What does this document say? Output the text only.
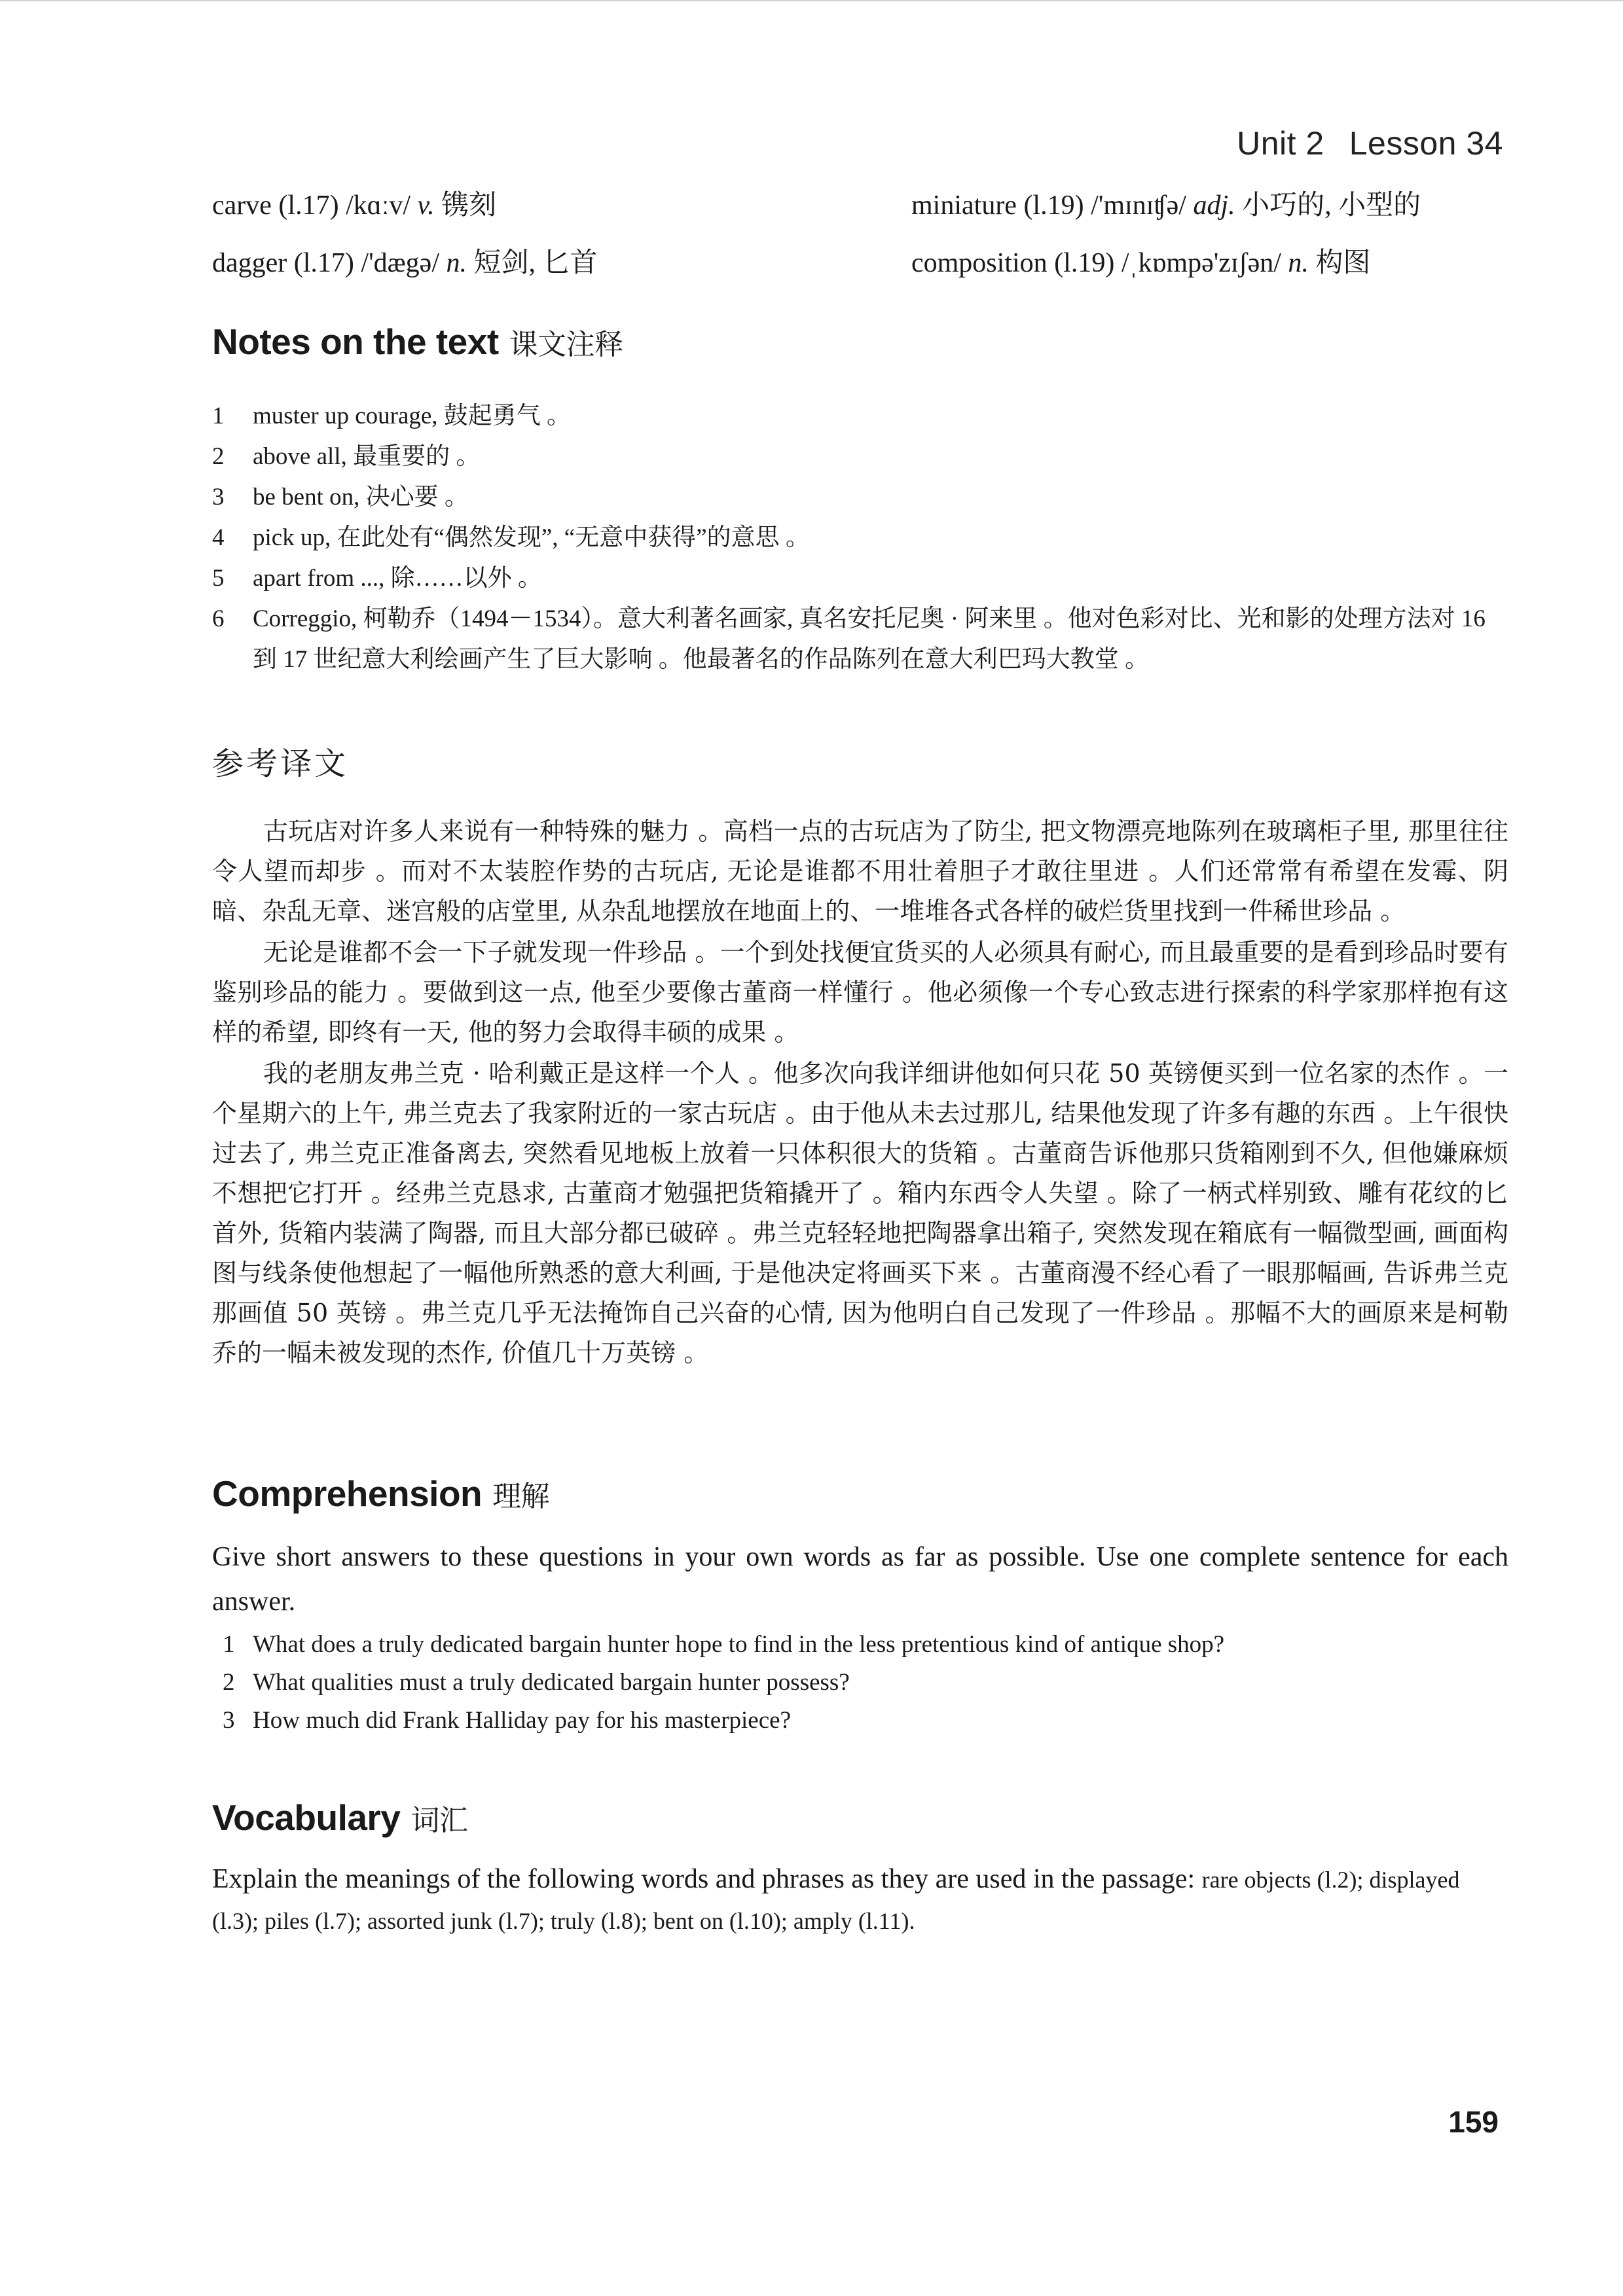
Unit 2 Lesson 34
carve (l.17) /kɑːv/ v. 镌刻
dagger (l.17) /'dægə/ n. 短剑, 匕首
miniature (l.19) /'mɪnɪʧə/ adj. 小巧的, 小型的
composition (l.19) /ˌkɒmpə'zɪʃən/ n. 构图
Notes on the text 课文注释
1	muster up courage, 鼓起勇气 。
2	above all, 最重要的 。
3	be bent on, 决心要 。
4	pick up, 在此处有“偶然发现”, “无意中获得”的意思 。
5	apart from ..., 除……以外 。
6	Correggio, 柯勒乔（1494－1534）。意大利著名画家, 真名安托尼奥 · 阿来里 。他对色彩对比、光和影的处理方法对 16 到 17 世纪意大利绘画产生了巨大影响 。他最著名的作品陈列在意大利巴玛大教堂 。
参考译文

古玩店对许多人来说有一种特殊的魅力 。高档一点的古玩店为了防尘, 把文物漂亮地陈列在玻璃柜子里, 那里往往令人望而却步 。而对不太装腔作势的古玩店, 无论是谁都不用壮着胆子才敢往里进 。人们还常常有希望在发霉、阴暗、杂乱无章、迷宫般的店堂里, 从杂乱地摆放在地面上的、一堆堆各式各样的破烂货里找到一件稀世珍品 。

无论是谁都不会一下子就发现一件珍品 。一个到处找便宜货买的人必须具有耐心, 而且最重要的是看到珍品时要有鉴别珍品的能力 。要做到这一点, 他至少要像古董商一样懂行 。他必须像一个专心致志进行探索的科学家那样抱有这样的希望, 即终有一天, 他的努力会取得丰硕的成果 。

我的老朋友弗兰克 · 哈利戴正是这样一个人 。他多次向我详细讲他如何只花 50 英镑便买到一位名家的杰作 。一个星期六的上午, 弗兰克去了我家附近的一家古玩店 。由于他从未去过那儿, 结果他发现了许多有趣的东西 。上午很快过去了, 弗兰克正准备离去, 突然看见地板上放着一只体积很大的货箱 。古董商告诉他那只货箱刚到不久, 但他嫌麻烦不想把它打开 。经弗兰克恳求, 古董商才勉强把货箱撬开了 。箱内东西令人失望 。除了一柄式样别致、雕有花纹的匕首外, 货箱内装满了陶器, 而且大部分都已破碎 。弗兰克轻轻地把陶器拿出箱子, 突然发现在箱底有一幅微型画, 画面构图与线条使他想起了一幅他所熟悉的意大利画, 于是他决定将画买下来 。古董商漫不经心看了一眼那幅画, 告诉弗兰克那画值 50 英镑 。弗兰克几乎无法掩饰自己兴奋的心情, 因为他明白自己发现了一件珍品 。那幅不大的画原来是柯勒乔的一幅未被发现的杰作, 价值几十万英镑 。

Comprehension 理解
Give short answers to these questions in your own words as far as possible. Use one complete sentence for each answer.
1 What does a truly dedicated bargain hunter hope to find in the less pretentious kind of antique shop?
2 What qualities must a truly dedicated bargain hunter possess?
3 How much did Frank Halliday pay for his masterpiece?
Vocabulary 词汇
Explain the meanings of the following words and phrases as they are used in the passage: rare objects (l.2); displayed (l.3); piles (l.7); assorted junk (l.7); truly (l.8); bent on (l.10); amply (l.11).
159
